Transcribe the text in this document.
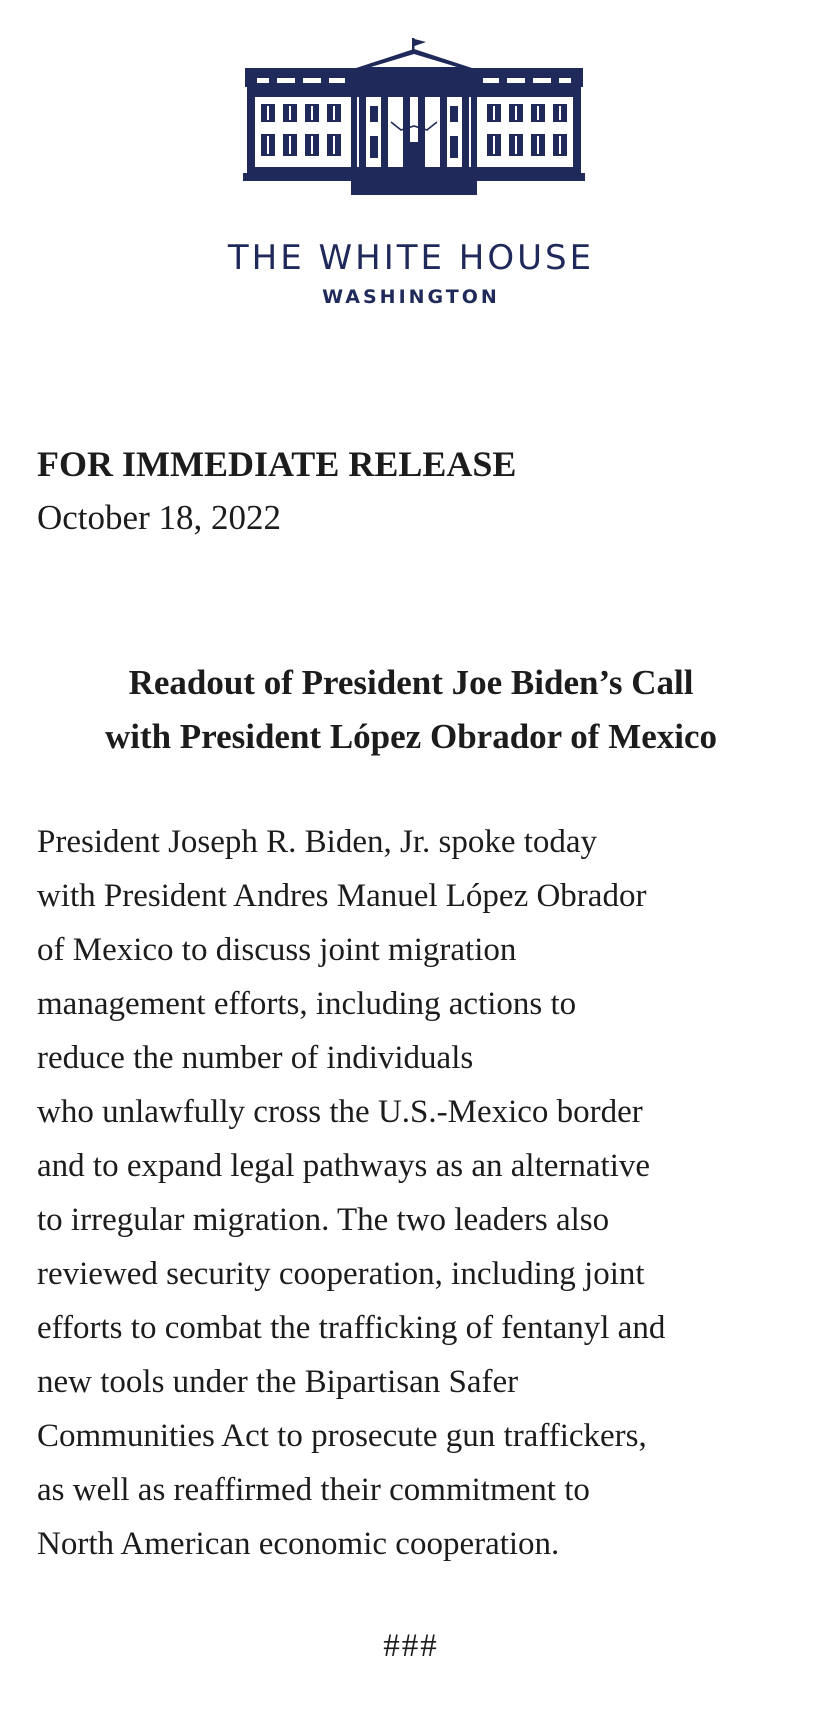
THE WHITE HOUSE
WASHINGTON
FOR IMMEDIATE RELEASE
October 18, 2022
Readout of President Joe Biden’s Call
with President López Obrador of Mexico
President Joseph R. Biden, Jr. spoke today
with President Andres Manuel López Obrador
of Mexico to discuss joint migration
management efforts, including actions to
reduce the number of individuals
who unlawfully cross the U.S.-Mexico border
and to expand legal pathways as an alternative
to irregular migration. The two leaders also
reviewed security cooperation, including joint
efforts to combat the trafficking of fentanyl and
new tools under the Bipartisan Safer
Communities Act to prosecute gun traffickers,
as well as reaffirmed their commitment to
North American economic cooperation.
###
